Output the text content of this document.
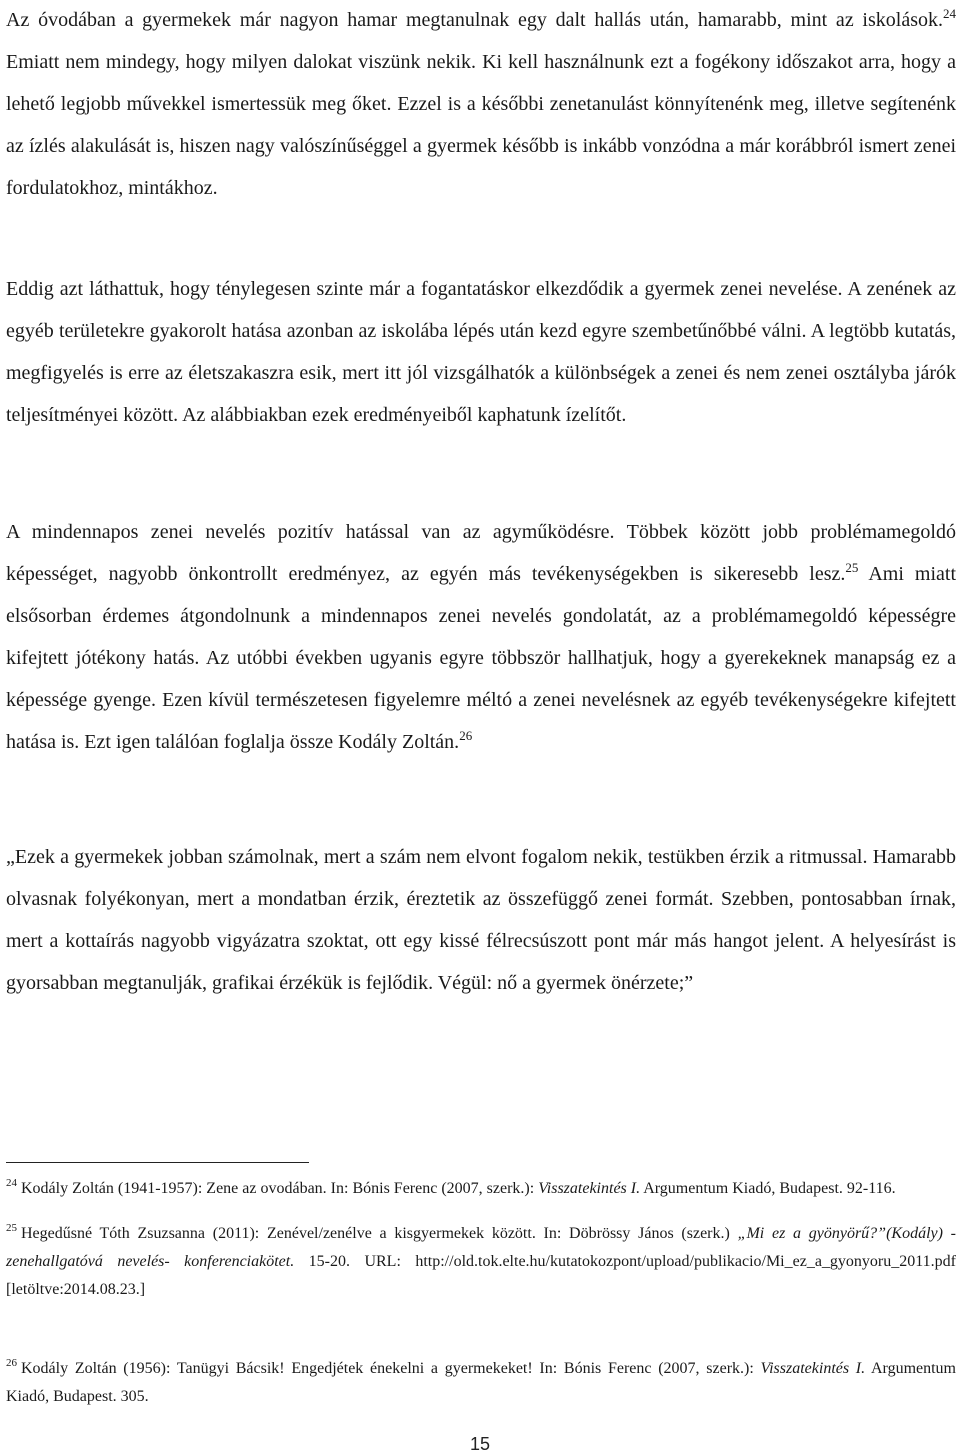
Az óvodában a gyermekek már nagyon hamar megtanulnak egy dalt hallás után, hamarabb, mint az iskolások.$^{24}$ Emiatt nem mindegy, hogy milyen dalokat viszünk nekik. Ki kell használnunk ezt a fogékony időszakot arra, hogy a lehető legjobb művekkel ismertessük meg őket. Ezzel is a későbbi zenetanulást könnyítenénk meg, illetve segítenénk az ízlés alakulását is, hiszen nagy valószínűséggel a gyermek később is inkább vonzódna a már korábbról ismert zenei fordulatokhoz, mintákhoz.

Eddig azt láthattuk, hogy ténylegesen szinte már a fogantatáskor elkezdődik a gyermek zenei nevelése. A zenének az egyéb területekre gyakorolt hatása azonban az iskolába lépés után kezd egyre szembetűnőbbé válni. A legtöbb kutatás, megfigyelés is erre az életszakaszra esik, mert itt jól vizsgálhatók a különbségek a zenei és nem zenei osztályba járók teljesítményei között. Az alábbiakban ezek eredményeiből kaphatunk ízelítőt.

A mindennapos zenei nevelés pozitív hatással van az agyműködésre. Többek között jobb problémamegoldó képességet, nagyobb önkontrollt eredményez, az egyén más tevékenységekben is sikeresebb lesz.$^{25}$ Ami miatt elsősorban érdemes átgondolnunk a mindennapos zenei nevelés gondolatát, az a problémamegoldó képességre kifejtett jótékony hatás. Az utóbbi években ugyanis egyre többször hallhatjuk, hogy a gyerekeknek manapság ez a képessége gyenge. Ezen kívül természetesen figyelemre méltó a zenei nevelésnek az egyéb tevékenységekre kifejtett hatása is. Ezt igen találóan foglalja össze Kodály Zoltán.$^{26}$

„Ezek a gyermekek jobban számolnak, mert a szám nem elvont fogalom nekik, testükben érzik a ritmussal. Hamarabb olvasnak folyékonyan, mert a mondatban érzik, éreztetik az összefüggő zenei formát. Szebben, pontosabban írnak, mert a kottaírás nagyobb vigyázatra szoktat, ott egy kissé félrecsúszott pont már más hangot jelent. A helyesírást is gyorsabban megtanulják, grafikai érzékük is fejlődik. Végül: nő a gyermek önérzete;”

$^{24}$ Kodály Zoltán (1941-1957): Zene az ovodában. In: Bónis Ferenc (2007, szerk.): Visszatekintés I. Argumentum Kiadó, Budapest. 92-116.

$^{25}$ Hegedűsné Tóth Zsuzsanna (2011): Zenével/zenélve a kisgyermekek között. In: Döbrössy János (szerk.) „Mi ez a gyönyörű?”(Kodály) -zenehallgatóvá nevelés- konferenciakötet. 15-20. URL: http://old.tok.elte.hu/kutatokozpont/upload/publikacio/Mi_ez_a_gyonyoru_2011.pdf [letöltve:2014.08.23.]

$^{26}$ Kodály Zoltán (1956): Tanügyi Bácsik! Engedjétek énekelni a gyermekeket! In: Bónis Ferenc (2007, szerk.): Visszatekintés I. Argumentum Kiadó, Budapest. 305.

15
